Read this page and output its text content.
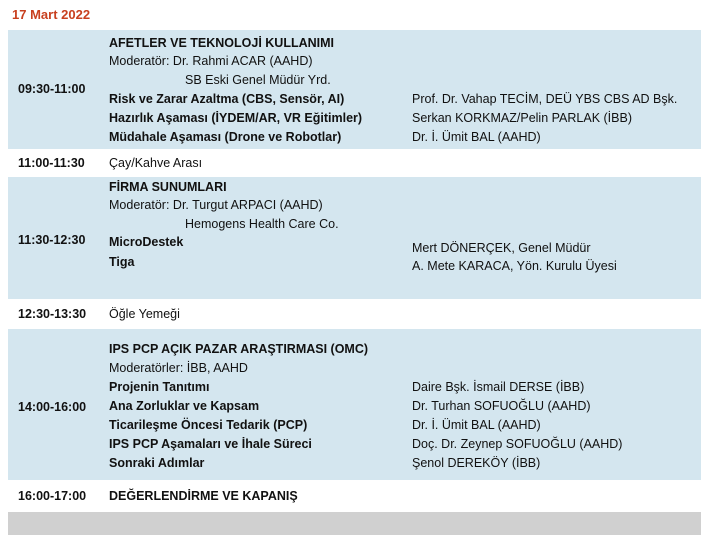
17 Mart 2022
09:30-11:00
AFETLER VE TEKNOLOJİ KULLANIMI
Moderatör: Dr. Rahmi ACAR (AAHD)
SB Eski Genel Müdür Yrd.
Risk ve Zarar Azaltma (CBS, Sensör, AI)	Prof. Dr. Vahap TECİM, DEÜ YBS CBS AD Bşk.
Hazırlık Aşaması (İYDEM/AR, VR Eğitimler)	Serkan KORKMAZ/Pelin PARLAK (İBB)
Müdahale Aşaması (Drone ve Robotlar)	Dr. İ. Ümit BAL (AAHD)
11:00-11:30 Çay/Kahve Arası
11:30-12:30
FİRMA SUNUMLARI
Moderatör: Dr. Turgut ARPACI (AAHD)
Hemogens Health Care Co.
MicroDestek	Mert DÖNERÇEK, Genel Müdür
Tiga	A. Mete KARACA, Yön. Kurulu Üyesi
12:30-13:30 Öğle Yemeği
14:00-16:00
IPS PCP AÇIK PAZAR ARAŞTIRMASI (OMC)
Moderatörler: İBB, AAHD
Projenin Tanıtımı	Daire Bşk. İsmail DERSE (İBB)
Ana Zorluklar ve Kapsam	Dr. Turhan SOFUOĞLU (AAHD)
Ticarileşme Öncesi Tedarik (PCP)	Dr. İ. Ümit BAL (AAHD)
IPS PCP Aşamaları ve İhale Süreci	Doç. Dr. Zeynep SOFUOĞLU (AAHD)
Sonraki Adımlar	Şenol DEREKÖY (İBB)
16:00-17:00 DEĞERLENDİRME VE KAPANIŞ
